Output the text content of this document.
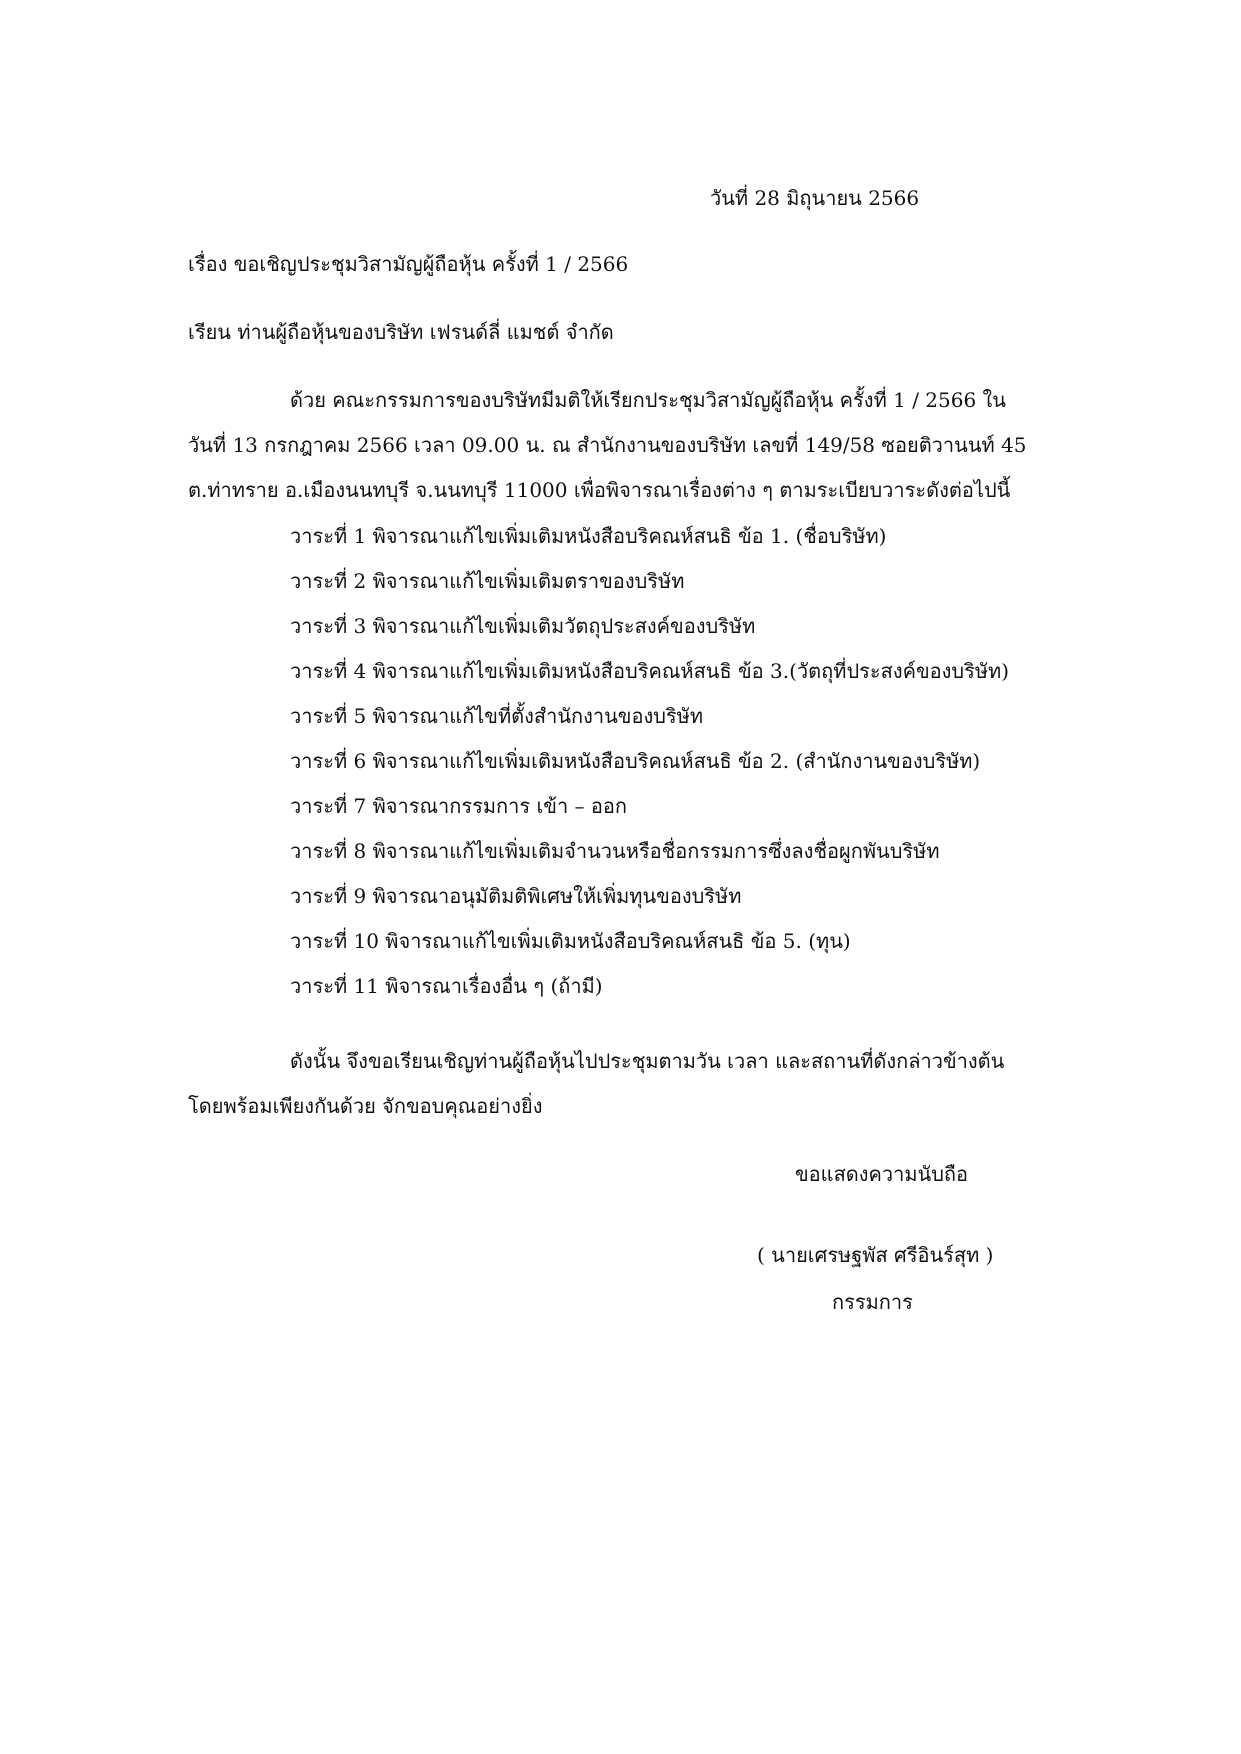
วันที่ 28 มิถุนายน 2566
เรื่อง ขอเชิญประชุมวิสามัญผู้ถือหุ้น ครั้งที่ 1 / 2566
เรียน ท่านผู้ถือหุ้นของบริษัท เฟรนด์ลี่ แมชต์ จำกัด
ด้วย คณะกรรมการของบริษัทมีมติให้เรียกประชุมวิสามัญผู้ถือหุ้น ครั้งที่ 1 / 2566 ใน
วันที่ 13 กรกฎาคม 2566 เวลา 09.00 น. ณ สำนักงานของบริษัท เลขที่ 149/58 ซอยติวานนท์ 45
ต.ท่าทราย อ.เมืองนนทบุรี จ.นนทบุรี 11000 เพื่อพิจารณาเรื่องต่าง ๆ ตามระเบียบวาระดังต่อไปนี้
วาระที่ 1 พิจารณาแก้ไขเพิ่มเติมหนังสือบริคณห์สนธิ ข้อ 1. (ชื่อบริษัท)
วาระที่ 2 พิจารณาแก้ไขเพิ่มเติมตราของบริษัท
วาระที่ 3 พิจารณาแก้ไขเพิ่มเติมวัตถุประสงค์ของบริษัท
วาระที่ 4 พิจารณาแก้ไขเพิ่มเติมหนังสือบริคณห์สนธิ ข้อ 3.(วัตถุที่ประสงค์ของบริษัท)
วาระที่ 5 พิจารณาแก้ไขที่ตั้งสำนักงานของบริษัท
วาระที่ 6 พิจารณาแก้ไขเพิ่มเติมหนังสือบริคณห์สนธิ ข้อ 2. (สำนักงานของบริษัท)
วาระที่ 7 พิจารณากรรมการ เข้า – ออก
วาระที่ 8 พิจารณาแก้ไขเพิ่มเติมจำนวนหรือชื่อกรรมการซึ่งลงชื่อผูกพันบริษัท
วาระที่ 9 พิจารณาอนุมัติมติพิเศษให้เพิ่มทุนของบริษัท
วาระที่ 10 พิจารณาแก้ไขเพิ่มเติมหนังสือบริคณห์สนธิ ข้อ 5. (ทุน)
วาระที่ 11 พิจารณาเรื่องอื่น ๆ (ถ้ามี)
ดังนั้น จึงขอเรียนเชิญท่านผู้ถือหุ้นไปประชุมตามวัน เวลา และสถานที่ดังกล่าวข้างต้น
โดยพร้อมเพียงกันด้วย จักขอบคุณอย่างยิ่ง
ขอแสดงความนับถือ
( นายเศรษฐพัส ศรีอินร์สุท )
กรรมการ
